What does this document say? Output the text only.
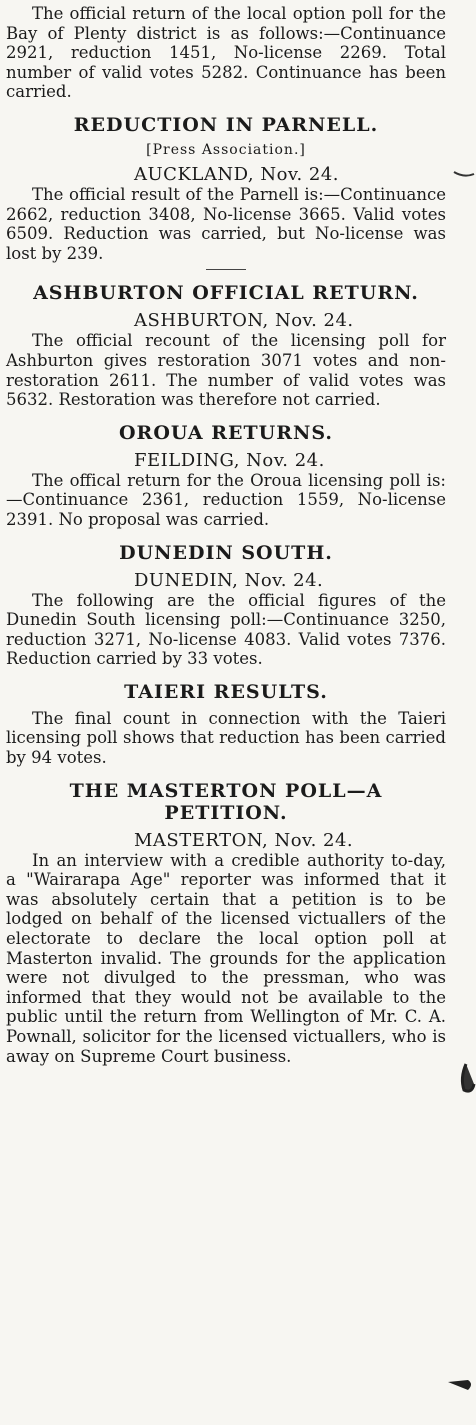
The official return of the local option poll for the Bay of Plenty district is as follows:—Continuance 2921, reduction 1451, No-license 2269. Total number of valid votes 5282. Continuance has been carried.

REDUCTION IN PARNELL.
[Press Association.]

AUCKLAND, Nov. 24.

The official result of the Parnell is:—Continuance 2662, reduction 3408, No-license 3665. Valid votes 6509. Reduction was carried, but No-license was lost by 239.

ASHBURTON OFFICIAL RETURN.

ASHBURTON, Nov. 24.

The official recount of the licensing poll for Ashburton gives restoration 3071 votes and non-restoration 2611. The number of valid votes was 5632. Restoration was therefore not carried.

OROUA RETURNS.

FEILDING, Nov. 24.

The offical return for the Oroua licensing poll is:—Continuance 2361, reduction 1559, No-license 2391. No proposal was carried.

DUNEDIN SOUTH.

DUNEDIN, Nov. 24.

The following are the official figures of the Dunedin South licensing poll:—Continuance 3250, reduction 3271, No-license 4083. Valid votes 7376. Reduction carried by 33 votes.

TAIERI RESULTS.

The final count in connection with the Taieri licensing poll shows that reduction has been carried by 94 votes.

THE MASTERTON POLL—A PETITION.

MASTERTON, Nov. 24.

In an interview with a credible authority to-day, a "Wairarapa Age" reporter was informed that it was absolutely certain that a petition is to be lodged on behalf of the licensed victuallers of the electorate to declare the local option poll at Masterton invalid. The grounds for the application were not divulged to the pressman, who was informed that they would not be available to the public until the return from Wellington of Mr. C. A. Pownall, solicitor for the licensed victuallers, who is away on Supreme Court business.
